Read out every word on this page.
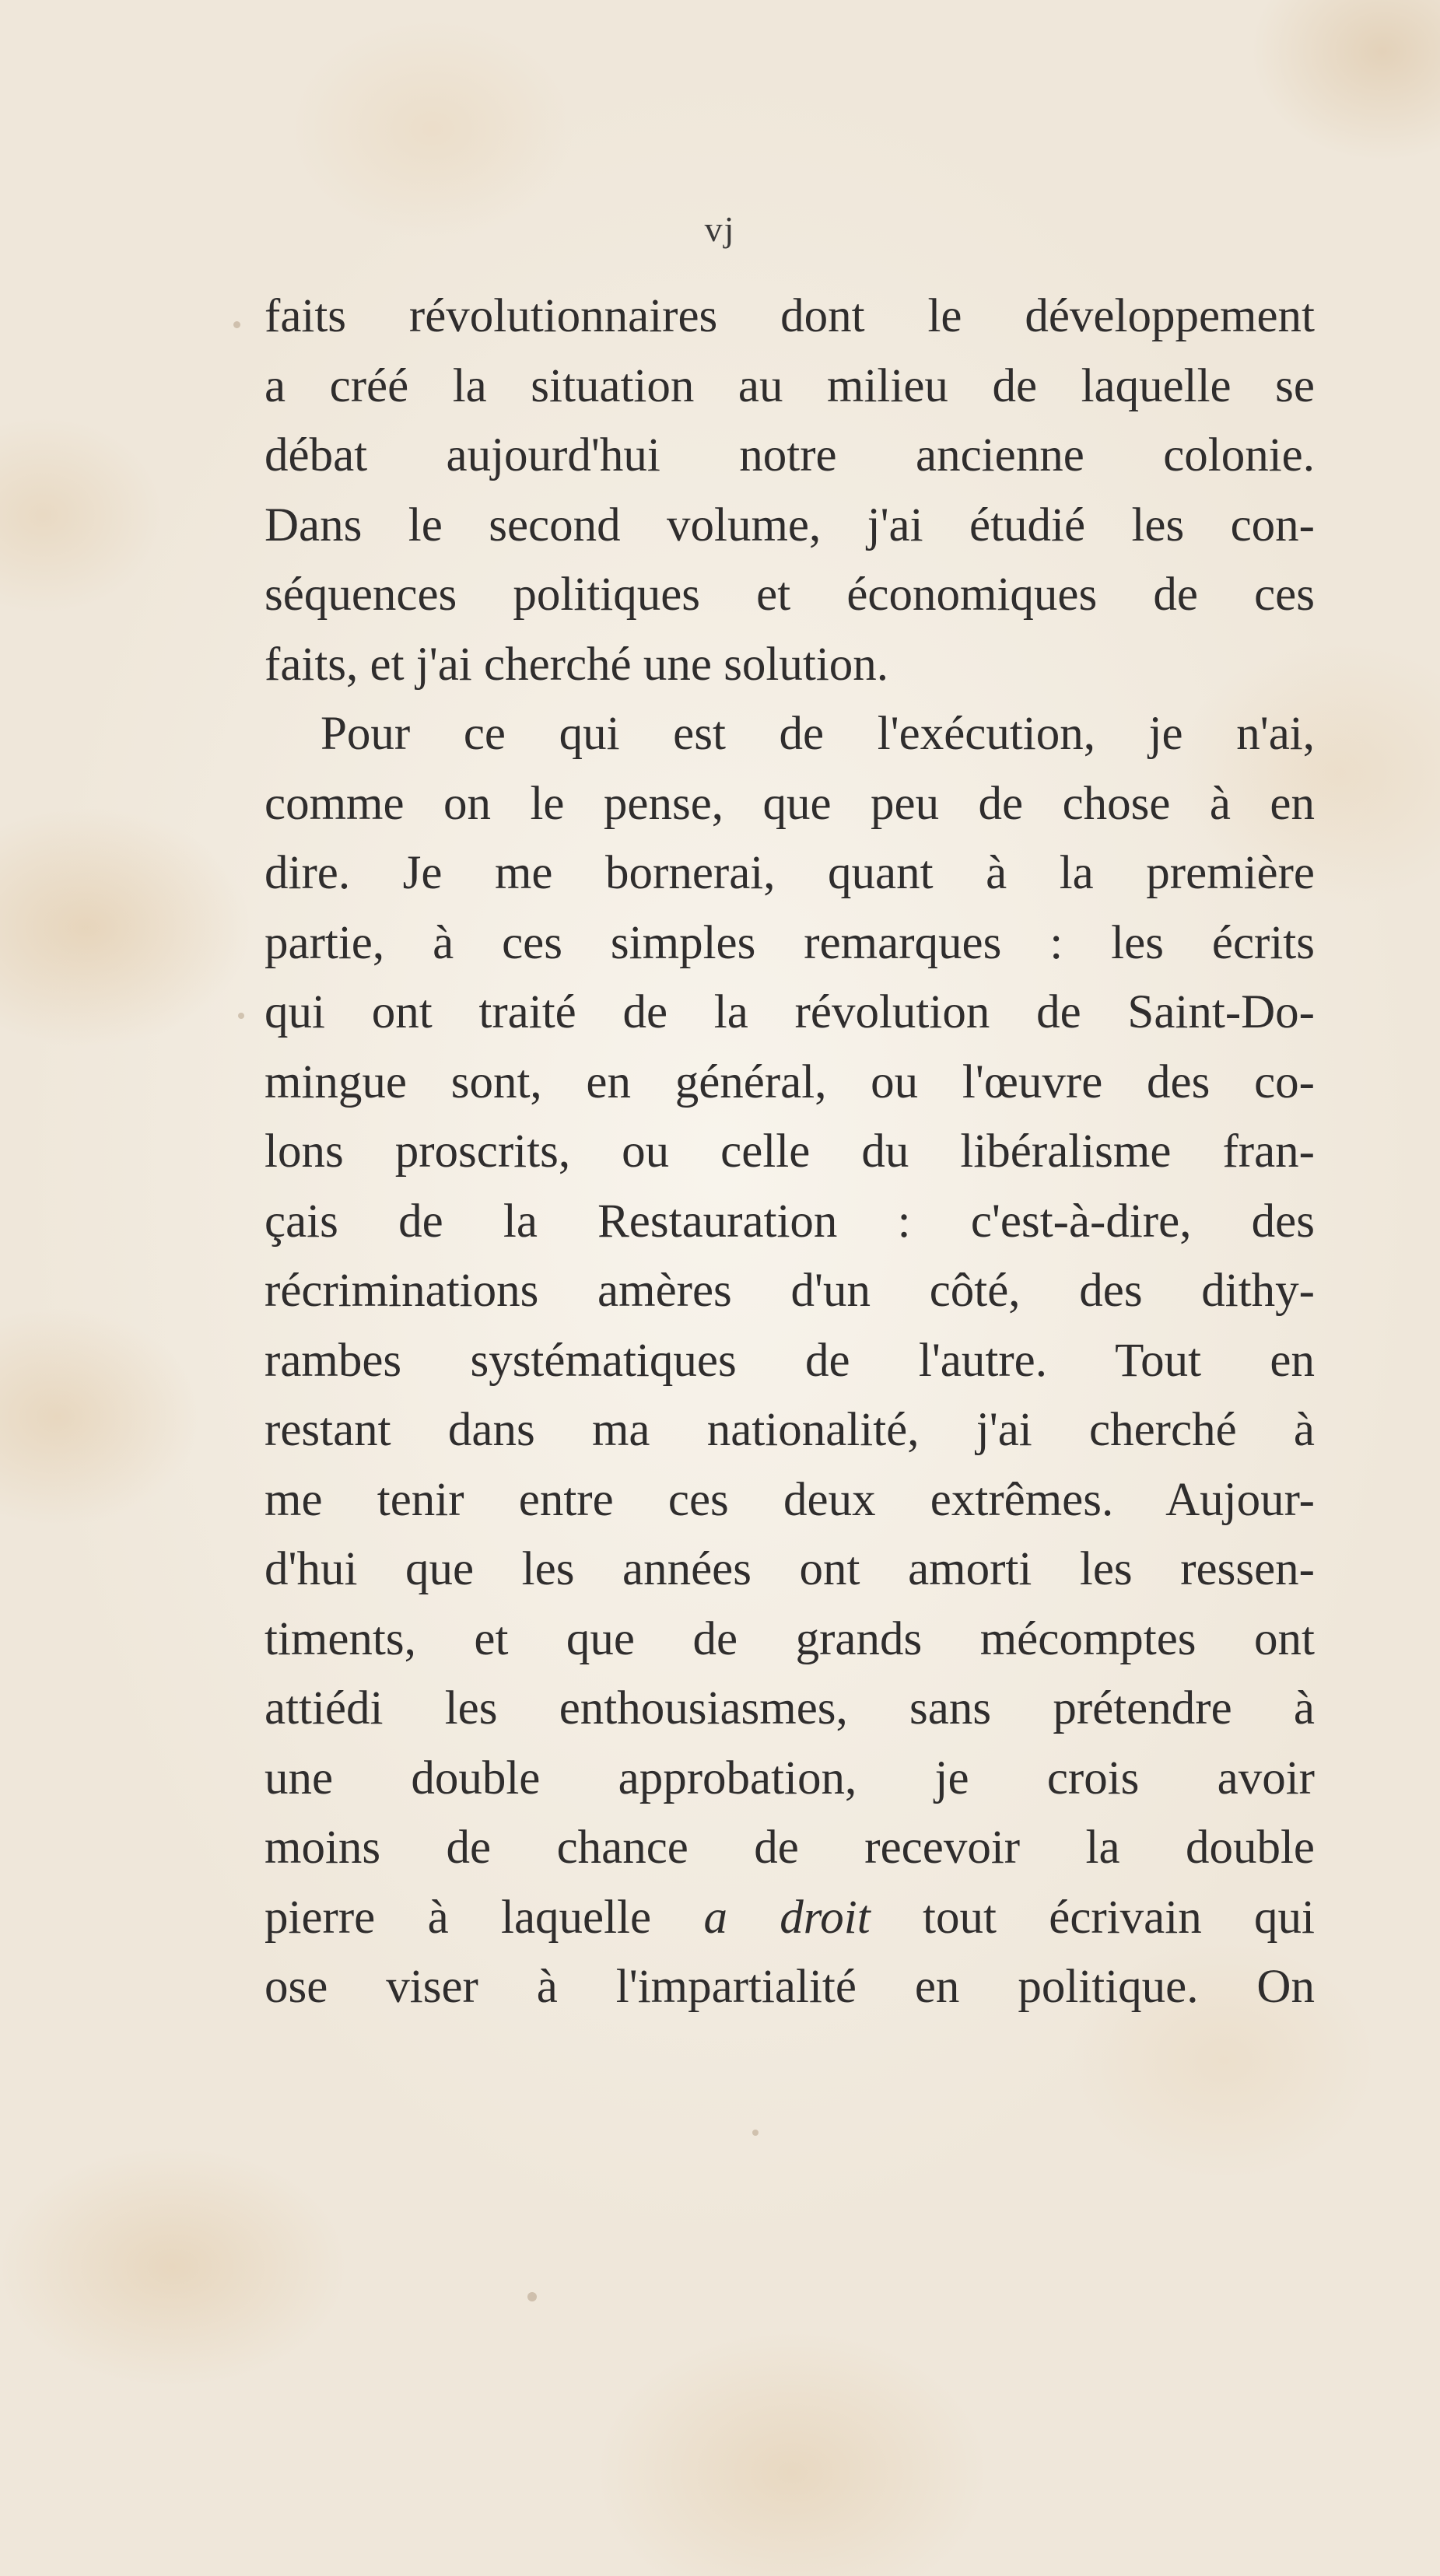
vj
faits révolutionnaires dont le développement
a créé la situation au milieu de laquelle se
débat aujourd'hui notre ancienne colonie.
Dans le second volume, j'ai étudié les con-
séquences politiques et économiques de ces
faits, et j'ai cherché une solution.
Pour ce qui est de l'exécution, je n'ai,
comme on le pense, que peu de chose à en
dire. Je me bornerai, quant à la première
partie, à ces simples remarques : les écrits
qui ont traité de la révolution de Saint-Do-
mingue sont, en général, ou l'œuvre des co-
lons proscrits, ou celle du libéralisme fran-
çais de la Restauration : c'est-à-dire, des
récriminations amères d'un côté, des dithy-
rambes systématiques de l'autre. Tout en
restant dans ma nationalité, j'ai cherché à
me tenir entre ces deux extrêmes. Aujour-
d'hui que les années ont amorti les ressen-
timents, et que de grands mécomptes ont
attiédi les enthousiasmes, sans prétendre à
une double approbation, je crois avoir
moins de chance de recevoir la double
pierre à laquelle a droit tout écrivain qui
ose viser à l'impartialité en politique. On
